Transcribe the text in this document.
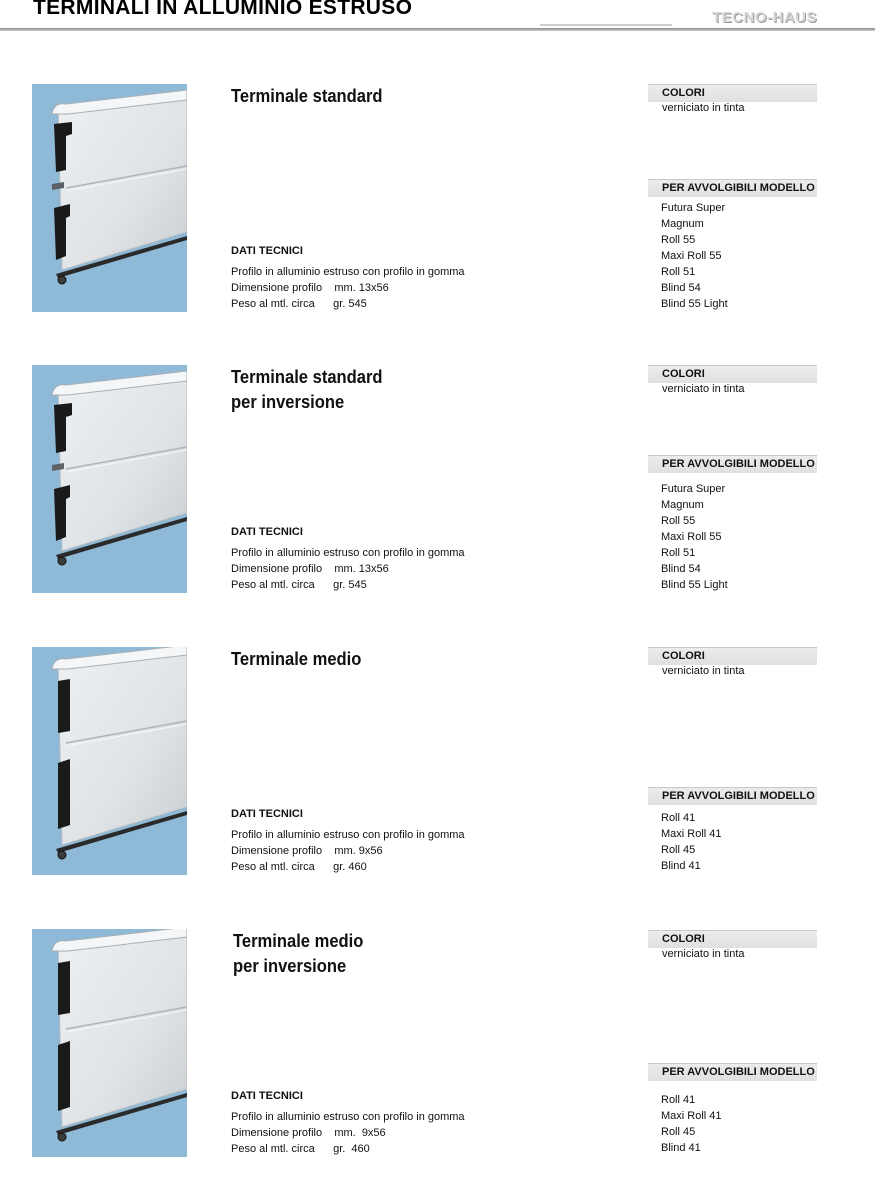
TERMINALI IN ALLUMINIO ESTRUSO	TECNO-HAUS
Terminale standard
DATI TECNICI
Profilo in alluminio estruso con profilo in gomma
Dimensione profilo    mm. 13x56
Peso al mtl. circa      gr. 545
COLORI
verniciato in tinta
PER AVVOLGIBILI MODELLO
Futura Super
Magnum
Roll 55
Maxi Roll 55
Roll 51
Blind 54
Blind 55 Light
Terminale standard
per inversione
DATI TECNICI
Profilo in alluminio estruso con profilo in gomma
Dimensione profilo    mm. 13x56
Peso al mtl. circa      gr. 545
COLORI
verniciato in tinta
PER AVVOLGIBILI MODELLO
Futura Super
Magnum
Roll 55
Maxi Roll 55
Roll 51
Blind 54
Blind 55 Light
Terminale medio
DATI TECNICI
Profilo in alluminio estruso con profilo in gomma
Dimensione profilo    mm. 9x56
Peso al mtl. circa      gr. 460
COLORI
verniciato in tinta
PER AVVOLGIBILI MODELLO
Roll 41
Maxi Roll 41
Roll 45
Blind 41
Terminale medio
per inversione
DATI TECNICI
Profilo in alluminio estruso con profilo in gomma
Dimensione profilo    mm.  9x56
Peso al mtl. circa      gr.  460
COLORI
verniciato in tinta
PER AVVOLGIBILI MODELLO
Roll 41
Maxi Roll 41
Roll 45
Blind 41
